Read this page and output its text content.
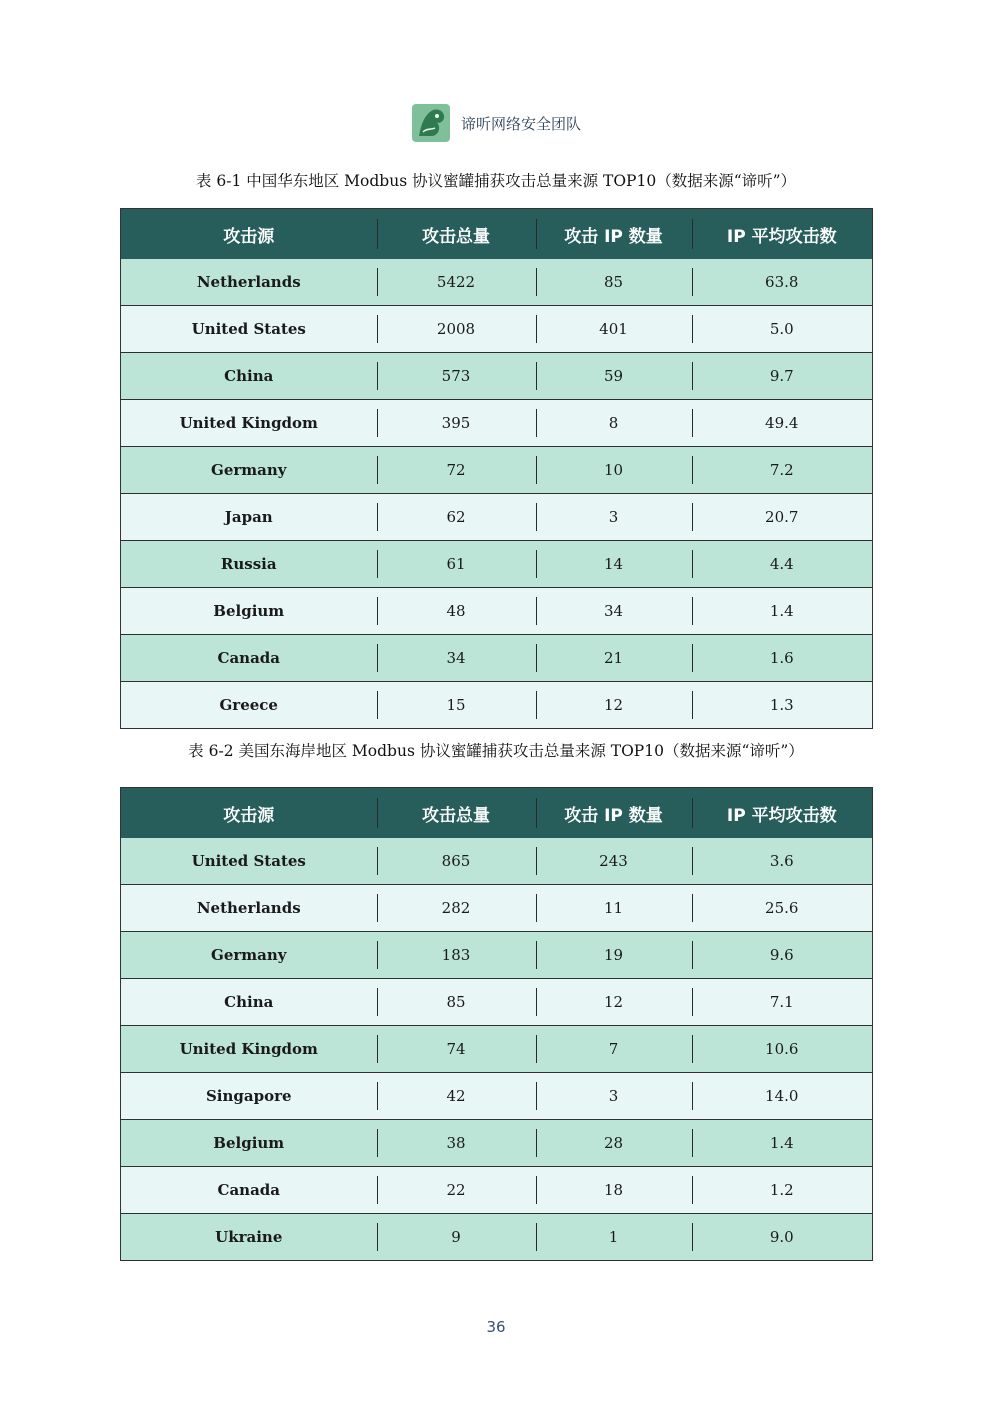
谛听网络安全团队
表 6-1 中国华东地区 Modbus 协议蜜罐捕获攻击总量来源 TOP10（数据来源“谛听”）
攻击源	攻击总量	攻击 IP 数量	IP 平均攻击数
Netherlands	5422	85	63.8
United States	2008	401	5.0
China	573	59	9.7
United Kingdom	395	8	49.4
Germany	72	10	7.2
Japan	62	3	20.7
Russia	61	14	4.4
Belgium	48	34	1.4
Canada	34	21	1.6
Greece	15	12	1.3
表 6-2 美国东海岸地区 Modbus 协议蜜罐捕获攻击总量来源 TOP10（数据来源“谛听”）
攻击源	攻击总量	攻击 IP 数量	IP 平均攻击数
United States	865	243	3.6
Netherlands	282	11	25.6
Germany	183	19	9.6
China	85	12	7.1
United Kingdom	74	7	10.6
Singapore	42	3	14.0
Belgium	38	28	1.4
Canada	22	18	1.2
Ukraine	9	1	9.0
36
